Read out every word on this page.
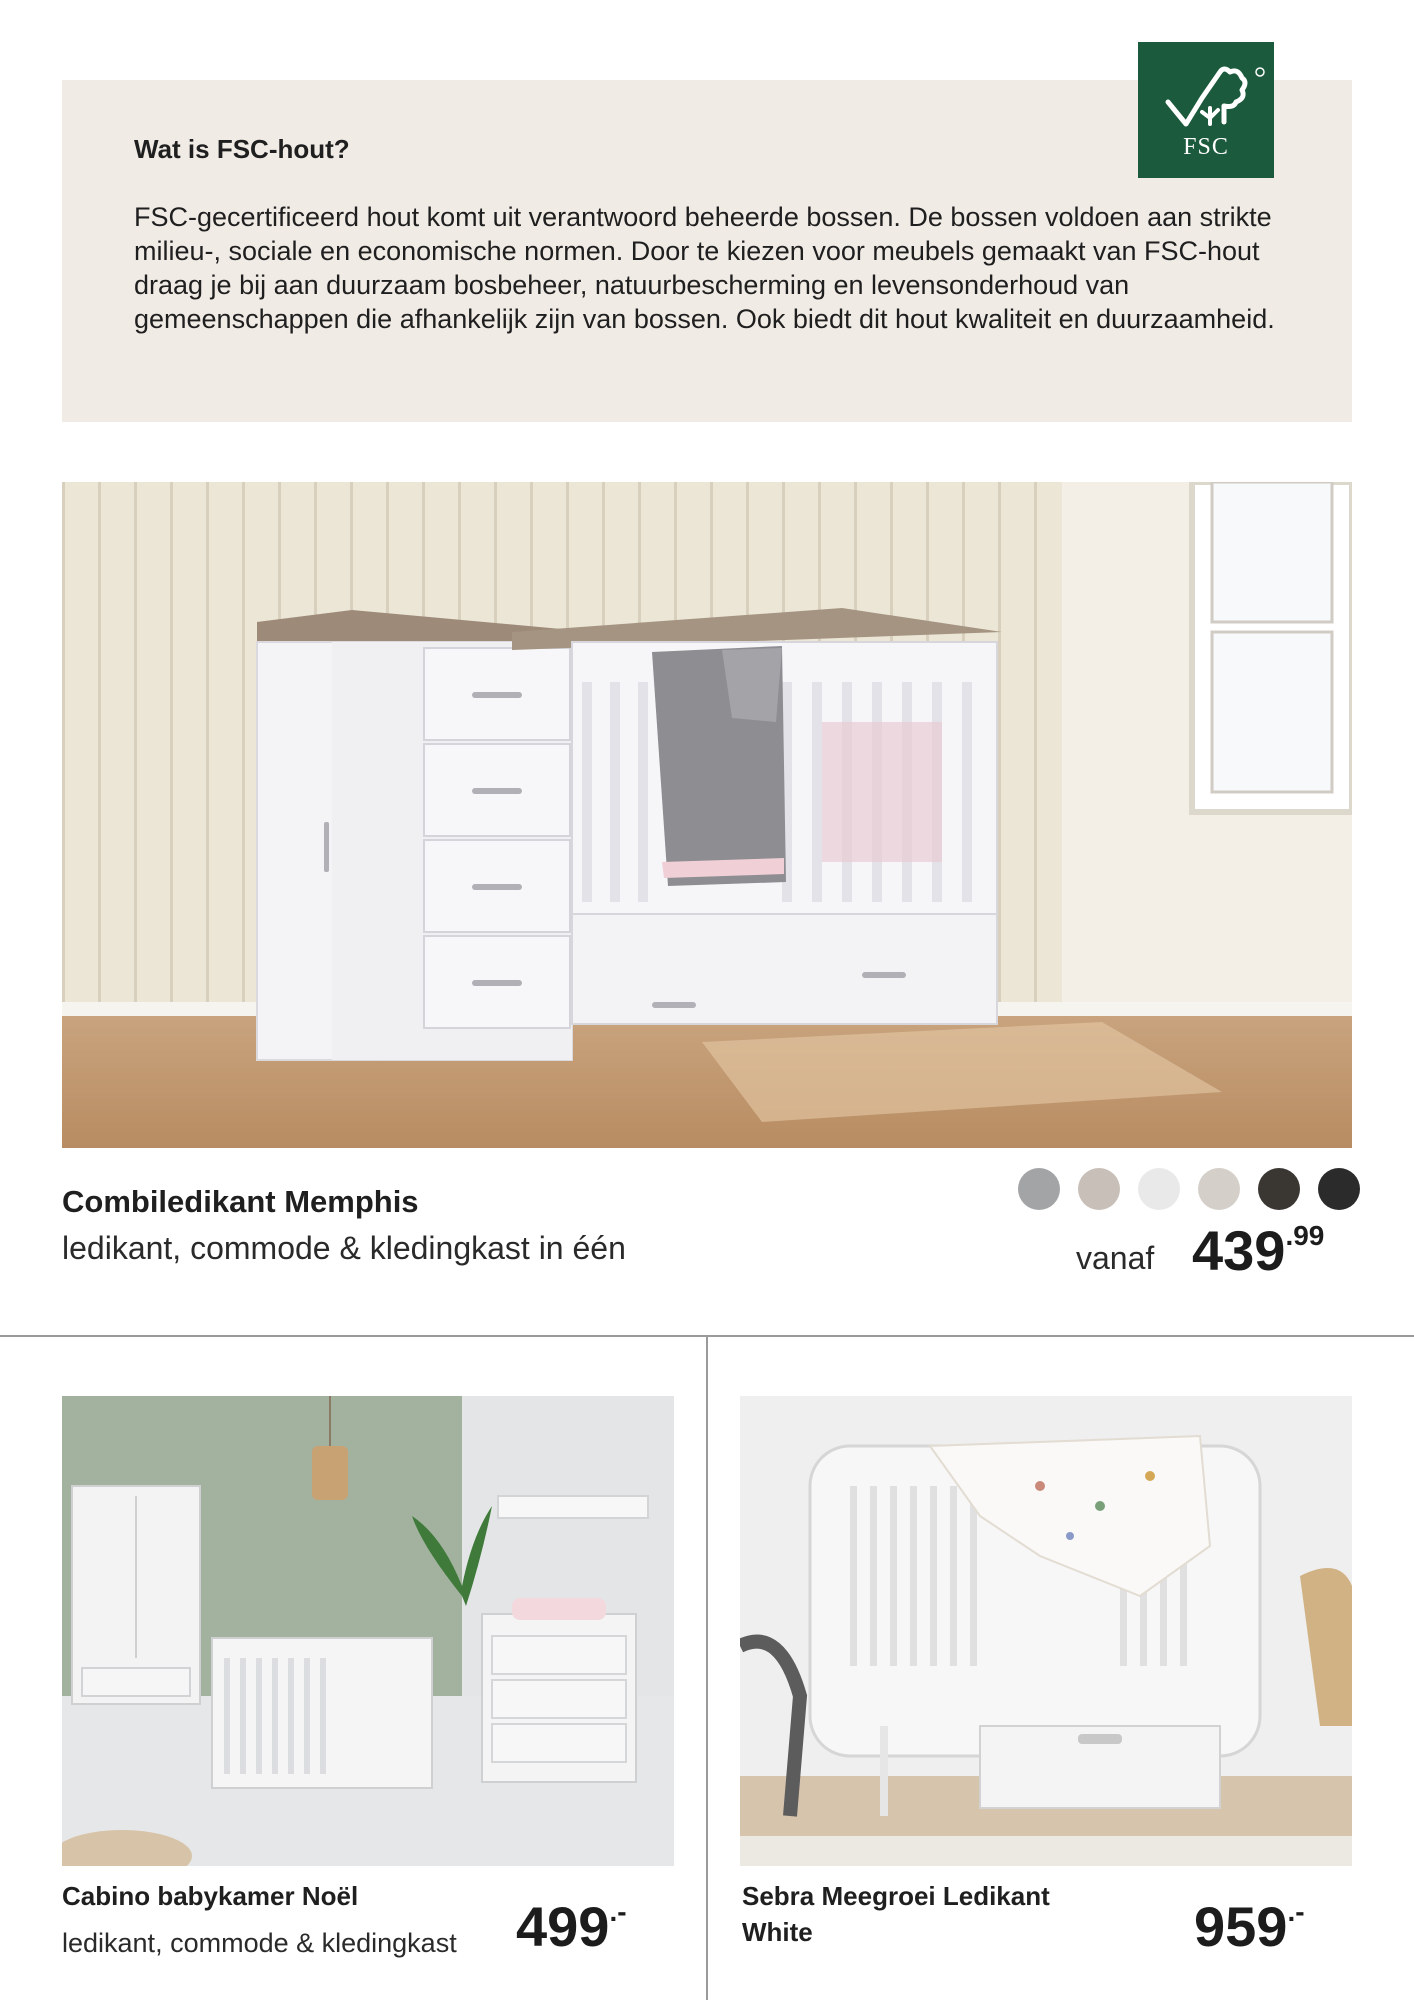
Wat is FSC-hout?
FSC-gecertificeerd hout komt uit verantwoord beheerde bossen. De bossen voldoen aan strikte milieu-, sociale en economische normen. Door te kiezen voor meubels gemaakt van FSC-hout draag je bij aan duurzaam bosbeheer, natuurbescherming en levensonderhoud van gemeenschappen die afhankelijk zijn van bossen. Ook biedt dit hout kwaliteit en duurzaamheid.
FSC
Combiledikant Memphis
ledikant, commode & kledingkast in één	vanaf 439.99
Cabino babykamer Noël
ledikant, commode & kledingkast 499.-	Sebra Meegroei Ledikant White	959.-
